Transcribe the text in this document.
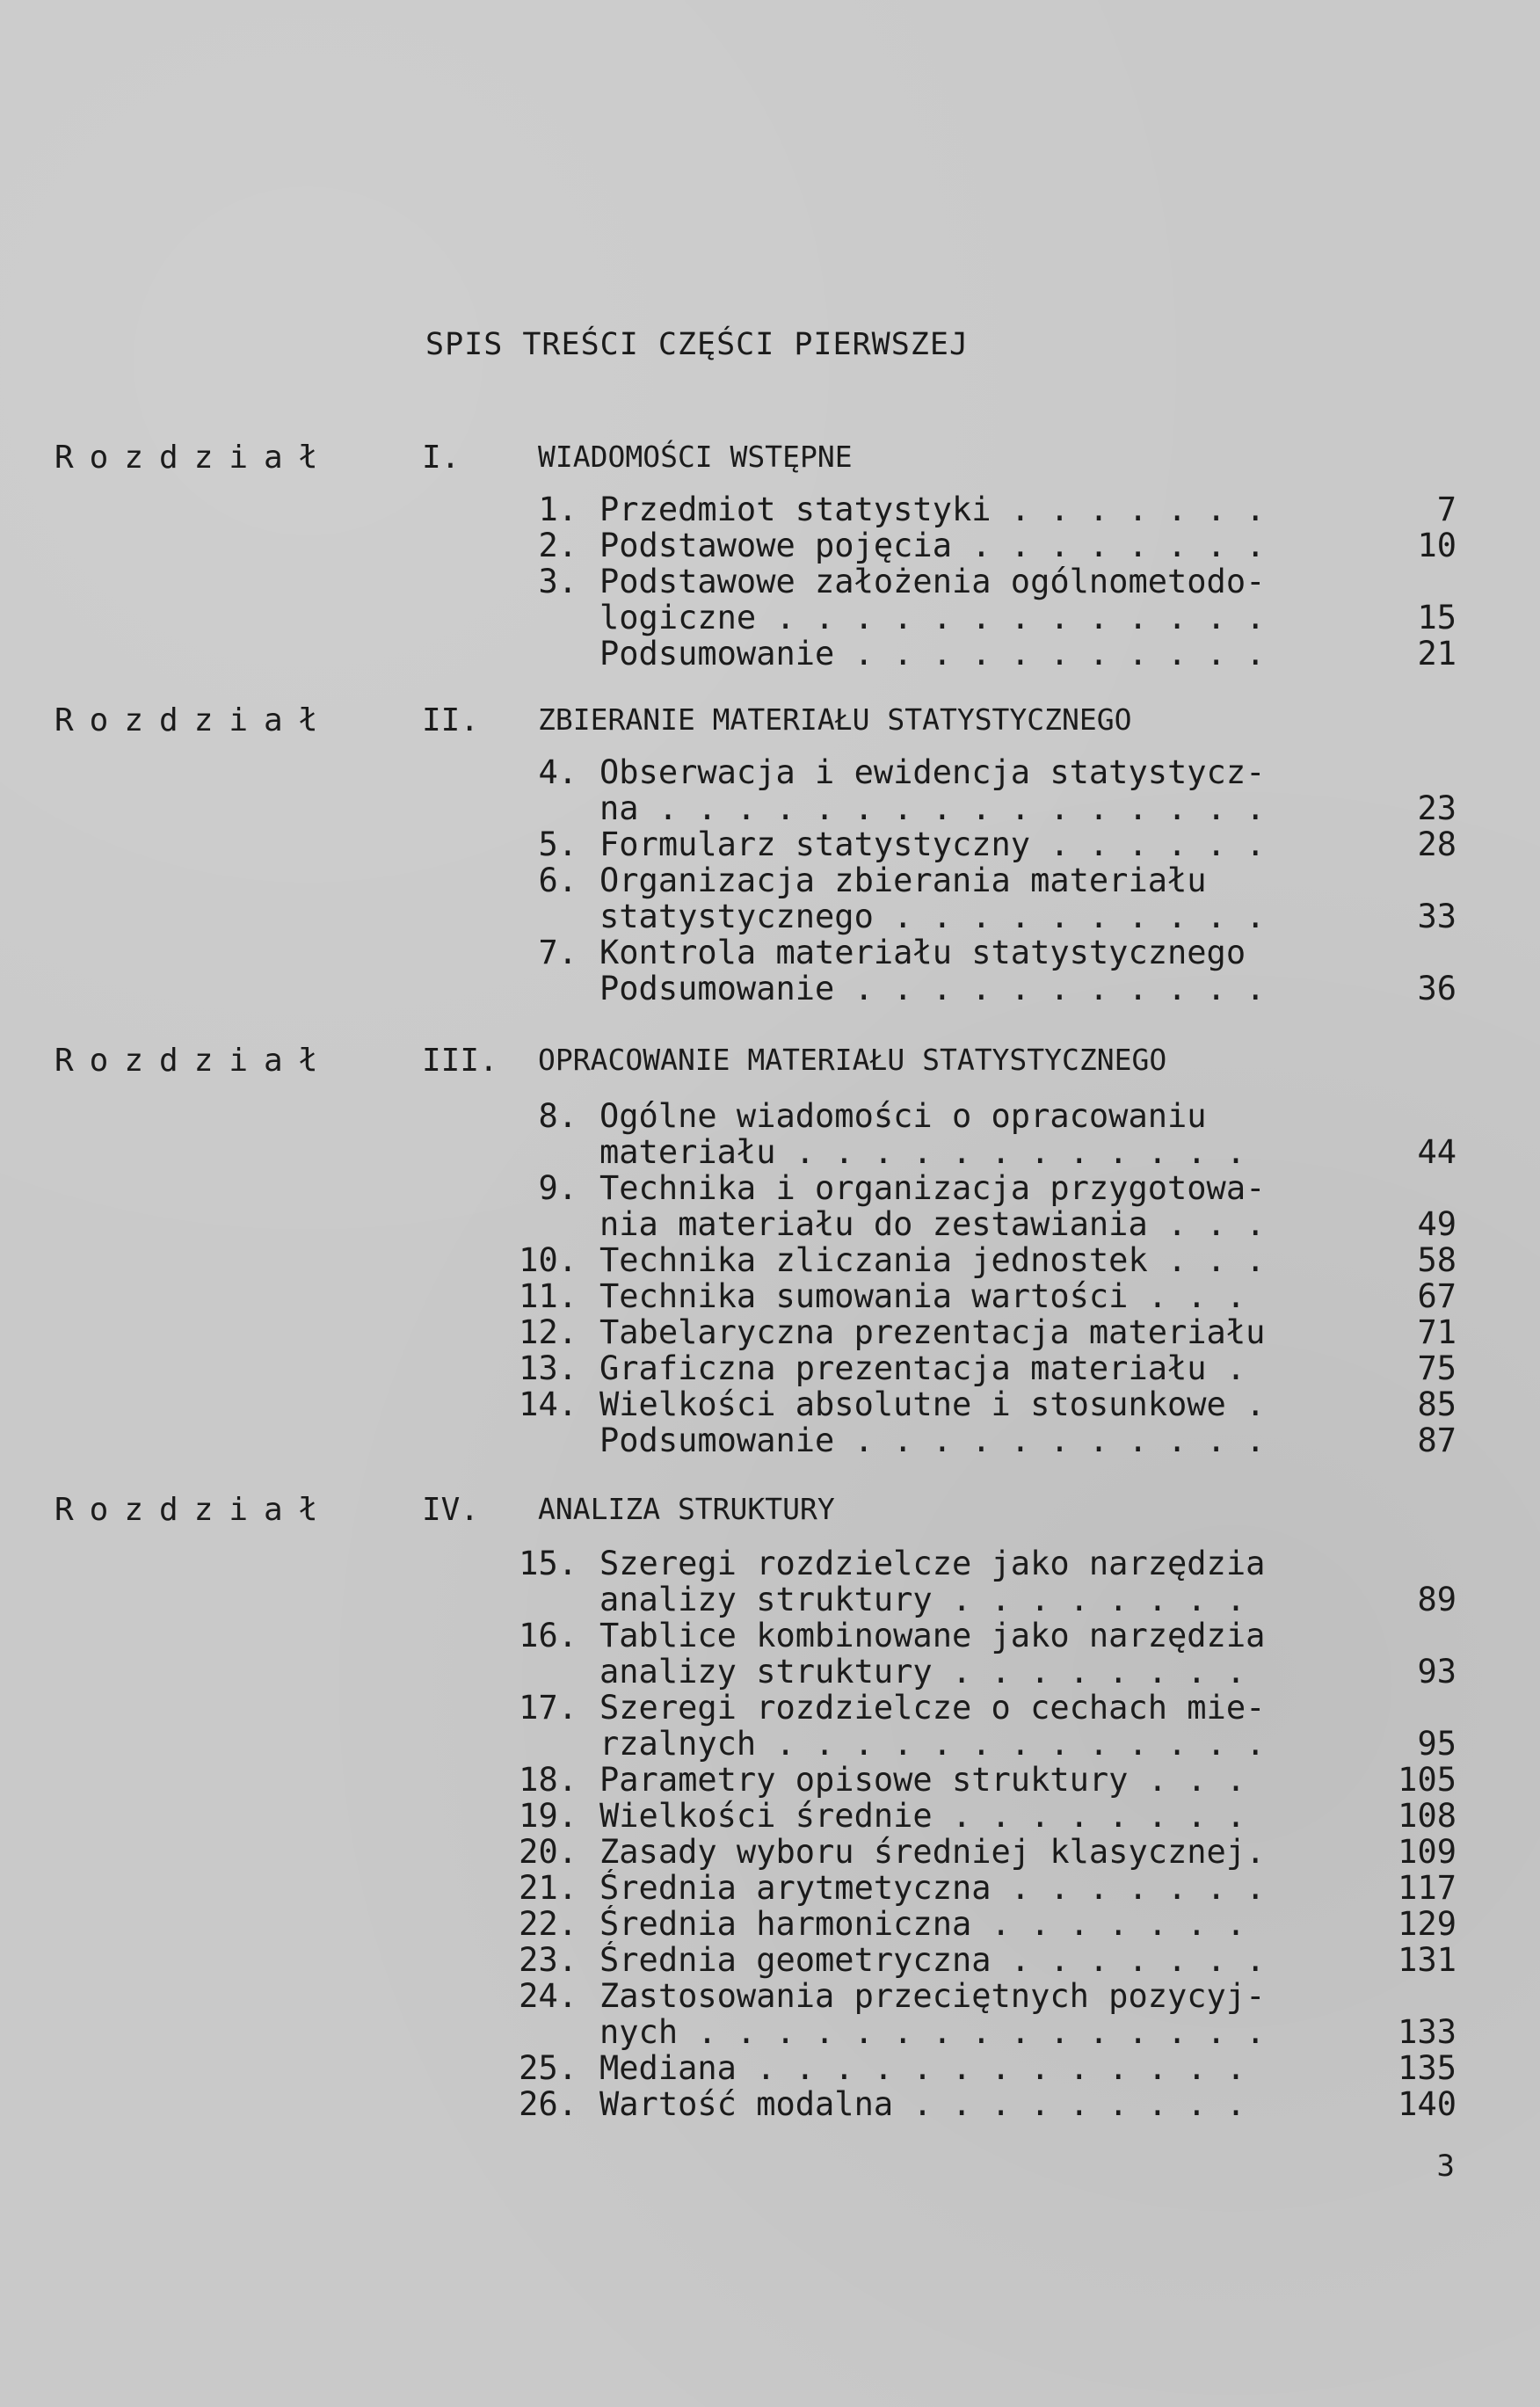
SPIS TREŚCI CZĘŚCI PIERWSZEJ
Rozdział	I.	WIADOMOŚCI WSTĘPNE
1. Przedmiot statystyki . . . . . . .	7
2. Podstawowe pojęcia . . . . . . . .	10
3. Podstawowe założenia ogólnometodo-
logiczne . . . . . . . . . . . . .	15
Podsumowanie . . . . . . . . . . .	21
Rozdział	II. ZBIERANIE MATERIAŁU STATYSTYCZNEGO
4. Obserwacja i ewidencja statystycz-
na . . . . . . . . . . . . . . . .	23
5. Formularz statystyczny . . . . . .	28
6. Organizacja zbierania materiału
statystycznego . . . . . . . . . .	33
7. Kontrola materiału statystycznego
Podsumowanie . . . . . . . . . . .	36
Rozdział	III. OPRACOWANIE MATERIAŁU STATYSTYCZNEGO
8. Ogólne wiadomości o opracowaniu
materiału . . . . . . . . . . . .	44
9. Technika i organizacja przygotowa-
nia materiału do zestawiania . . .	49
10. Technika zliczania jednostek . . .	58
11. Technika sumowania wartości . . .	67
12. Tabelaryczna prezentacja materiału	71
13. Graficzna prezentacja materiału .	75
14. Wielkości absolutne i stosunkowe .	85
Podsumowanie . . . . . . . . . . .	87
Rozdział	IV. ANALIZA STRUKTURY
15. Szeregi rozdzielcze jako narzędzia
analizy struktury . . . . . . . .	89
16. Tablice kombinowane jako narzędzia
analizy struktury . . . . . . . .	93
17. Szeregi rozdzielcze o cechach mie-
rzalnych . . . . . . . . . . . . .	95
18. Parametry opisowe struktury . . .	105
19. Wielkości średnie . . . . . . . .	108
20. Zasady wyboru średniej klasycznej.	109
21. Średnia arytmetyczna . . . . . . .	117
22. Średnia harmoniczna . . . . . . .	129
23. Średnia geometryczna . . . . . . .	131
24. Zastosowania przeciętnych pozycyj-
nych . . . . . . . . . . . . . . .	133
25. Mediana . . . . . . . . . . . . .	135
26. Wartość modalna . . . . . . . . .	140
3
